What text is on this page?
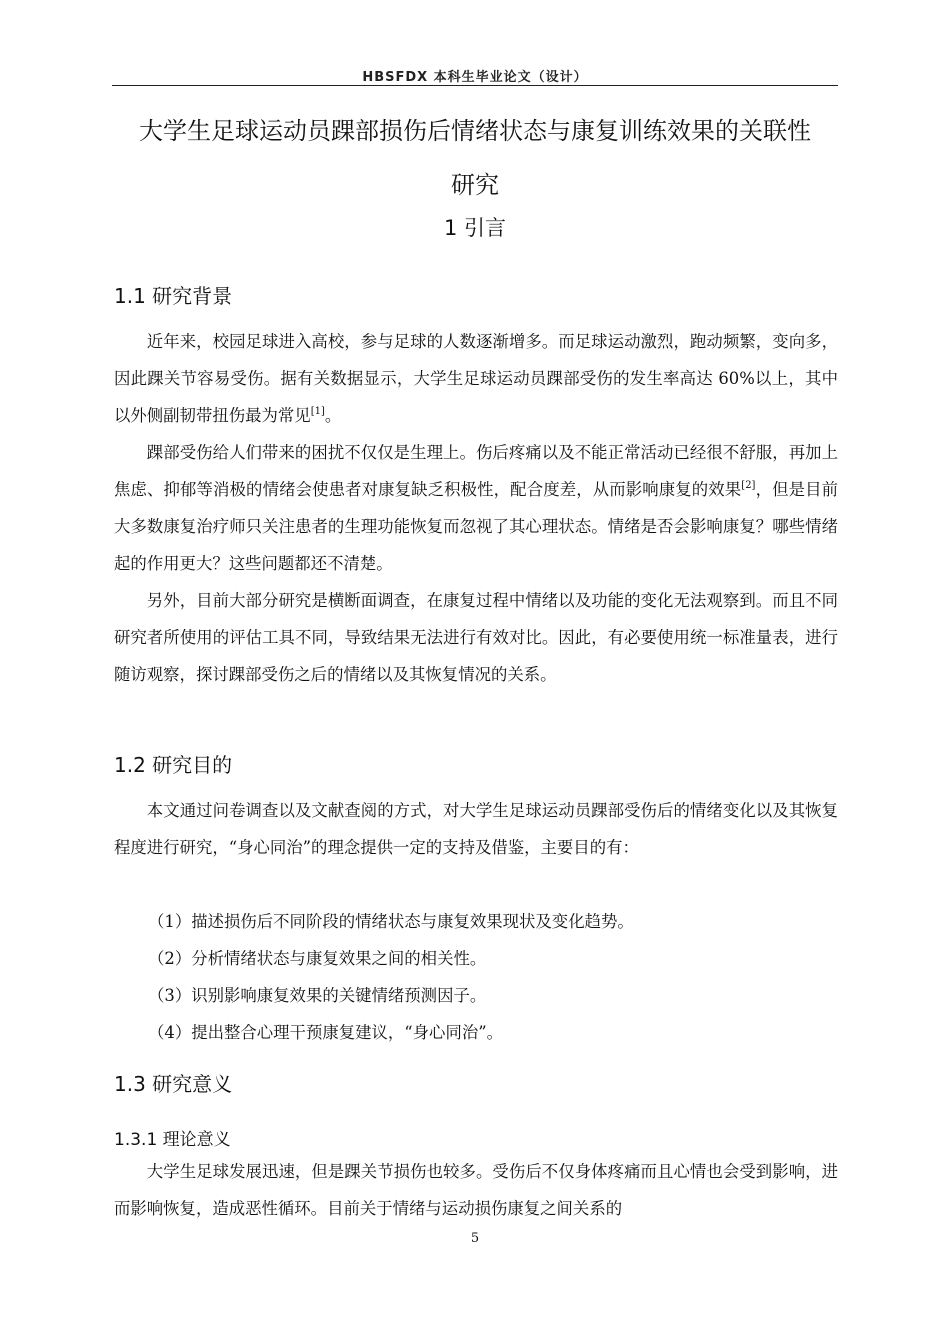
HBSFDX 本科生毕业论文（设计）
大学生足球运动员踝部损伤后情绪状态与康复训练效果的关联性
研究
1 引言
1.1 研究背景

近年来，校园足球进入高校，参与足球的人数逐渐增多。而足球运动激烈，跑动频繁，变向多，因此踝关节容易受伤。据有关数据显示，大学生足球运动员踝部受伤的发生率高达 60%以上，其中以外侧副韧带扭伤最为常见[1]。

踝部受伤给人们带来的困扰不仅仅是生理上。伤后疼痛以及不能正常活动已经很不舒服，再加上焦虑、抑郁等消极的情绪会使患者对康复缺乏积极性，配合度差，从而影响康复的效果[2]，但是目前大多数康复治疗师只关注患者的生理功能恢复而忽视了其心理状态。情绪是否会影响康复？哪些情绪起的作用更大？这些问题都还不清楚。

另外，目前大部分研究是横断面调查，在康复过程中情绪以及功能的变化无法观察到。而且不同研究者所使用的评估工具不同，导致结果无法进行有效对比。因此，有必要使用统一标准量表，进行随访观察，探讨踝部受伤之后的情绪以及其恢复情况的关系。

1.2 研究目的

本文通过问卷调查以及文献查阅的方式，对大学生足球运动员踝部受伤后的情绪变化以及其恢复程度进行研究，“身心同治”的理念提供一定的支持及借鉴，主要目的有：

（1）描述损伤后不同阶段的情绪状态与康复效果现状及变化趋势。

（2）分析情绪状态与康复效果之间的相关性。

（3）识别影响康复效果的关键情绪预测因子。

（4）提出整合心理干预康复建议，“身心同治”。

1.3 研究意义
1.3.1 理论意义

大学生足球发展迅速，但是踝关节损伤也较多。受伤后不仅身体疼痛而且心情也会受到影响，进而影响恢复，造成恶性循环。目前关于情绪与运动损伤康复之间关系的

5
